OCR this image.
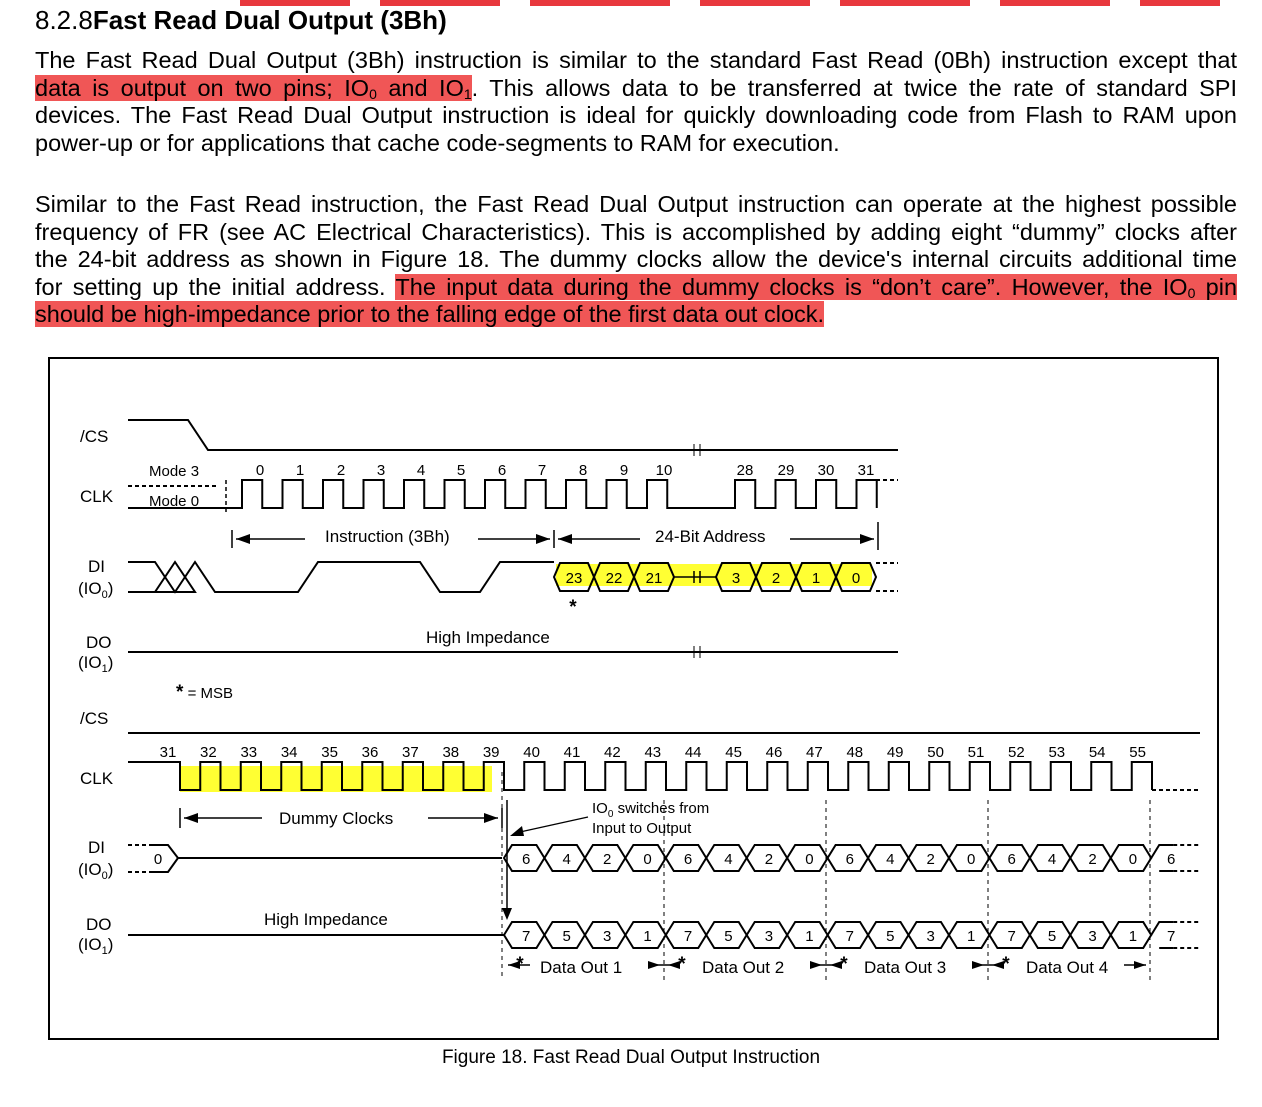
8.2.8Fast Read Dual Output (3Bh)
The Fast Read Dual Output (3Bh) instruction is similar to the standard Fast Read (0Bh) instruction except that
data is output on two pins; $IO_0$ and $IO_1$. This allows data to be transferred at twice the rate of standard SPI
devices. The Fast Read Dual Output instruction is ideal for quickly downloading code from Flash to RAM upon
power-up or for applications that cache code-segments to RAM for execution.
Similar to the Fast Read instruction, the Fast Read Dual Output instruction can operate at the highest possible
frequency of FR (see AC Electrical Characteristics). This is accomplished by adding eight “dummy” clocks after
the 24-bit address as shown in Figure 18. The dummy clocks allow the device's internal circuits additional time
for setting up the initial address. The input data during the dummy clocks is “don’t care”. However, the $IO_0$ pin
should be high-impedance prior to the falling edge of the first data out clock.
/CS
CLK
DI
$(IO_0)$
DO
$(IO_1)$
/CS
CLK
DI
$(IO_0)$
DO
$(IO_1)$
0 1 2 3 4 5 6 7 8 9 10	28 29 30 31
23 22 21	3 2 1 0
*
31 32 33 34 35 36 37 38 39 40 41 42 43 44 45 46 47 48 49 50 51 52 53 54 55
0	6 4 2 0 6 4 2 0 6 4 2 0 6 4 2 0 6
7 5 3 1 7 5 3 1 7 5 3 1 7 5 3 1 7
* Data Out 1	* Data Out 2	* Data Out 3	* Data Out 4
Mode 3
Mode 0
Instruction (3Bh)	24-Bit Address
High Impedance
* = MSB
Dummy Clocks
High Impedance
$IO_0$ switches from
Input to Output
Figure 18. Fast Read Dual Output Instruction
